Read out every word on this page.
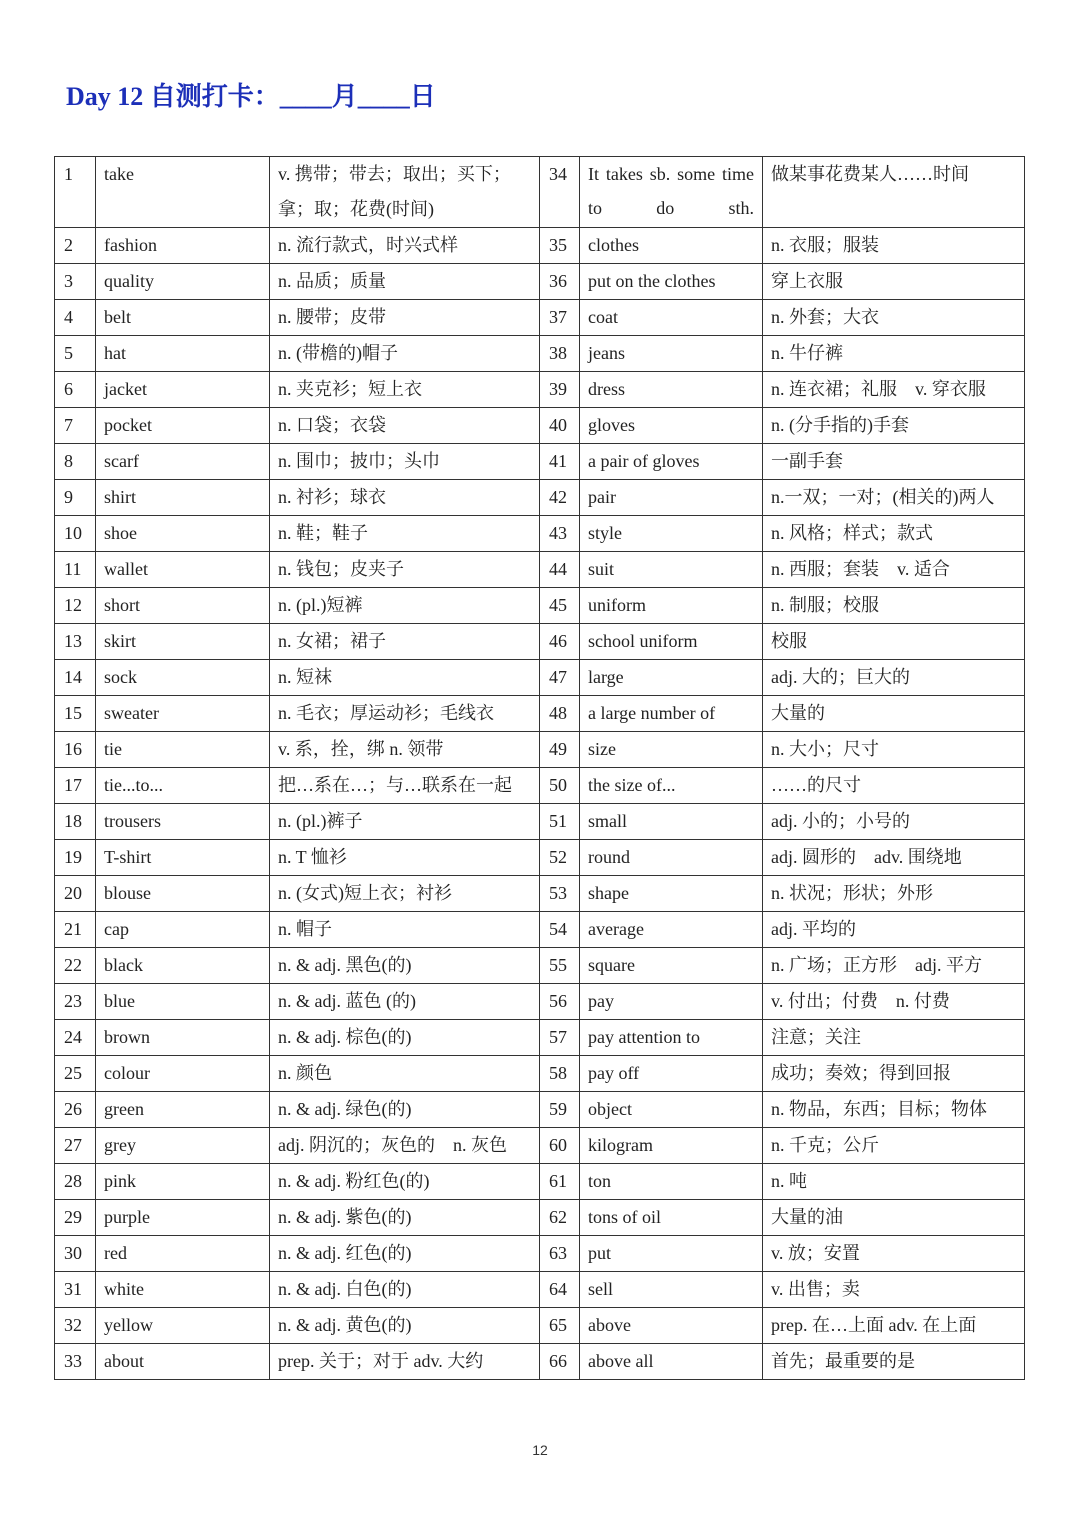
Day 12 自测打卡：____月____日
1	take	v. 携带；带去；取出；买下；拿；取；花费(时间)	34	It takes sb. some time to do sth.	做某事花费某人……时间
2	fashion	n. 流行款式，时兴式样	35	clothes	n. 衣服；服装
3	quality	n. 品质；质量	36	put on the clothes	穿上衣服
4	belt	n. 腰带；皮带	37	coat	n. 外套；大衣
5	hat	n. (带檐的)帽子	38	jeans	n. 牛仔裤
6	jacket	n. 夹克衫；短上衣	39	dress	n. 连衣裙；礼服　v. 穿衣服
7	pocket	n. 口袋；衣袋	40	gloves	n. (分手指的)手套
8	scarf	n. 围巾；披巾；头巾	41	a pair of gloves	一副手套
9	shirt	n. 衬衫；球衣	42	pair	n.一双；一对；(相关的)两人
10	shoe	n. 鞋；鞋子	43	style	n. 风格；样式；款式
11	wallet	n. 钱包；皮夹子	44	suit	n. 西服；套装　v. 适合
12	short	n. (pl.)短裤	45	uniform	n. 制服；校服
13	skirt	n. 女裙；裙子	46	school uniform	校服
14	sock	n. 短袜	47	large	adj. 大的；巨大的
15	sweater	n. 毛衣；厚运动衫；毛线衣	48	a large number of	大量的
16	tie	v. 系，拴，绑 n. 领带	49	size	n. 大小；尺寸
17	tie...to...	把…系在…；与…联系在一起	50	the size of...	……的尺寸
18	trousers	n. (pl.)裤子	51	small	adj. 小的；小号的
19	T-shirt	n. T 恤衫	52	round	adj. 圆形的　adv. 围绕地
20	blouse	n. (女式)短上衣；衬衫	53	shape	n. 状况；形状；外形
21	cap	n. 帽子	54	average	adj. 平均的
22	black	n. & adj. 黑色(的)	55	square	n. 广场；正方形　adj. 平方
23	blue	n. & adj. 蓝色 (的)	56	pay	v. 付出；付费　n. 付费
24	brown	n. & adj. 棕色(的)	57	pay attention to	注意；关注
25	colour	n. 颜色	58	pay off	成功；奏效；得到回报
26	green	n. & adj. 绿色(的)	59	object	n. 物品，东西；目标；物体
27	grey	adj. 阴沉的；灰色的　n. 灰色	60	kilogram	n. 千克；公斤
28	pink	n. & adj. 粉红色(的)	61	ton	n. 吨
29	purple	n. & adj. 紫色(的)	62	tons of oil	大量的油
30	red	n. & adj. 红色(的)	63	put	v. 放；安置
31	white	n. & adj. 白色(的)	64	sell	v. 出售；卖
32	yellow	n. & adj. 黄色(的)	65	above	prep. 在…上面 adv. 在上面
33	about	prep. 关于；对于 adv. 大约	66	above all	首先；最重要的是
12
